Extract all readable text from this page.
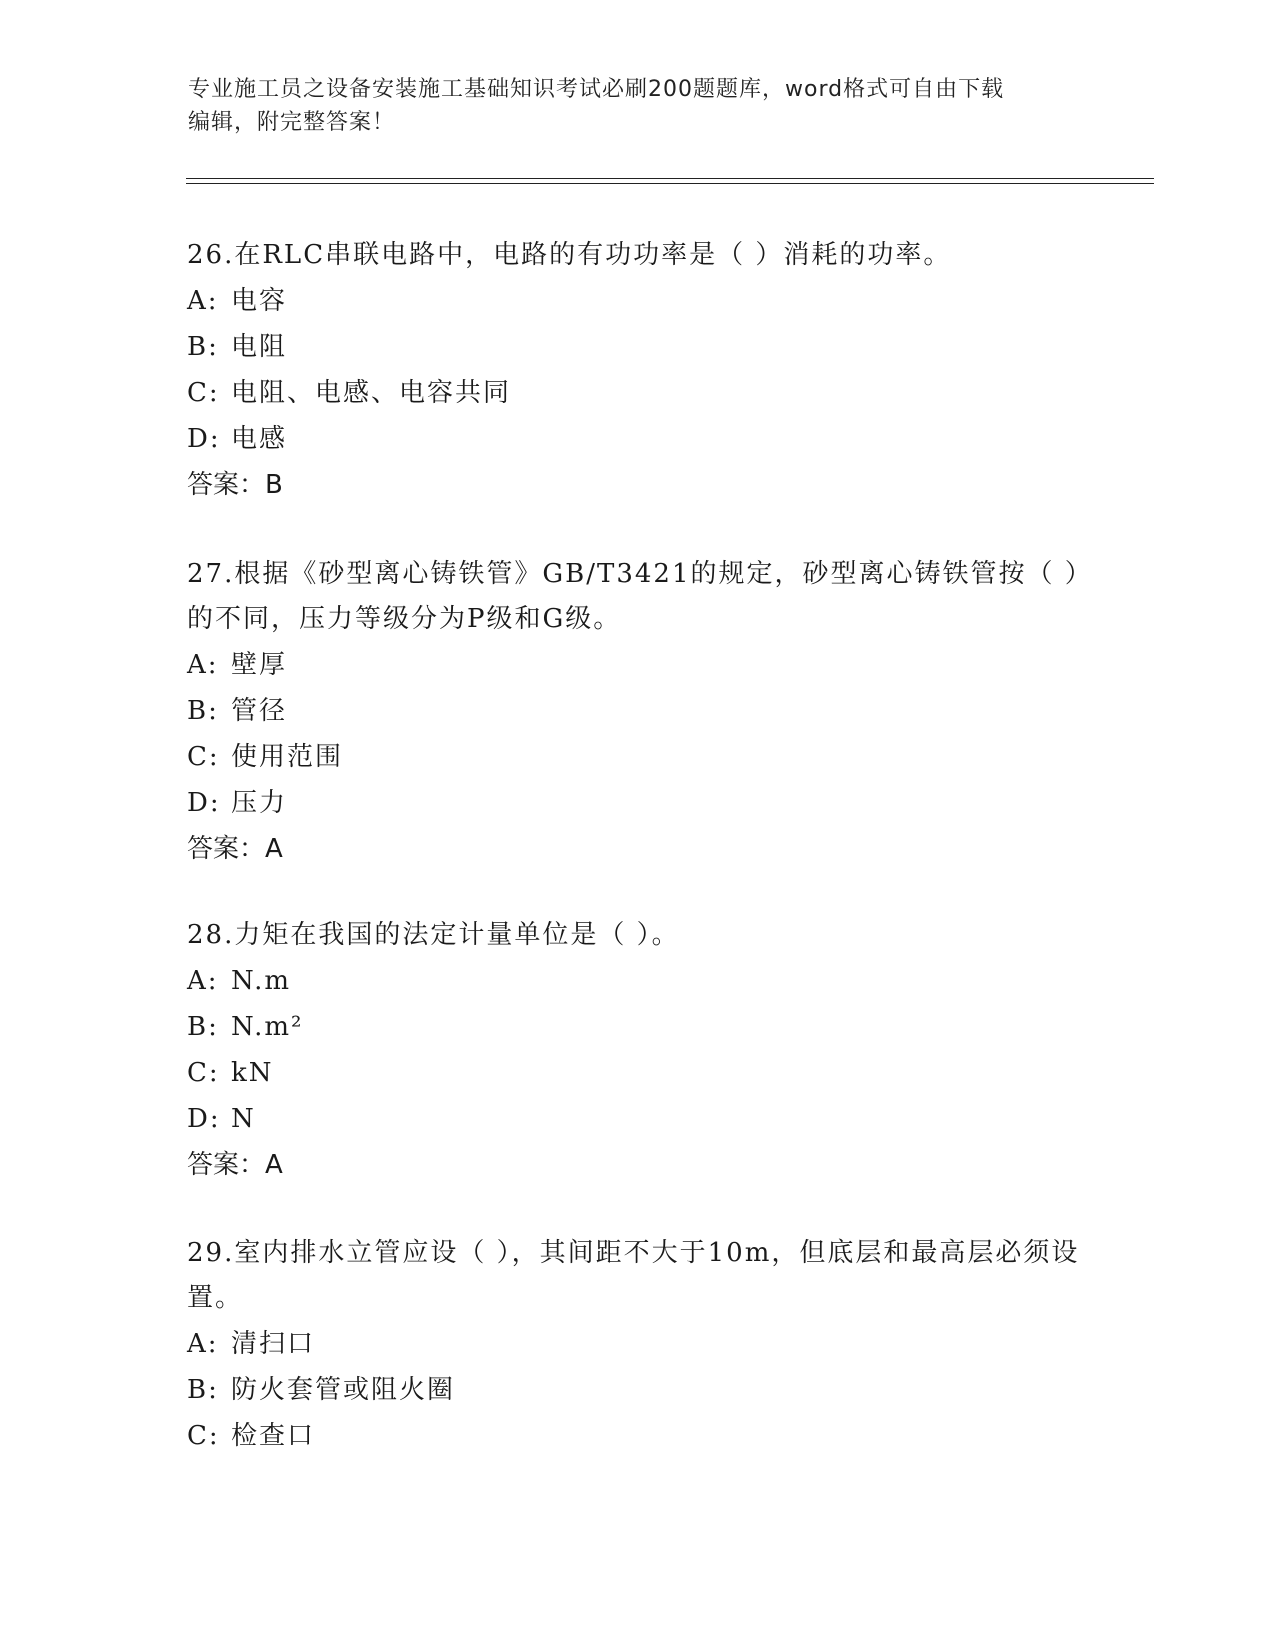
专业施工员之设备安装施工基础知识考试必刷200题题库，word格式可自由下载
编辑，附完整答案！

26.在RLC串联电路中，电路的有功功率是（ ）消耗的功率。

A: 电容

B: 电阻

C: 电阻、电感、电容共同

D: 电感

答案：B

27.根据《砂型离心铸铁管》GB/T3421的规定，砂型离心铸铁管按（ ）的不同，压力等级分为P级和G级。

A: 壁厚

B: 管径

C: 使用范围

D: 压力

答案：A

28.力矩在我国的法定计量单位是（ ）。

A: N.m

B: N.m²

C: kN

D: N

答案：A

29.室内排水立管应设（ ），其间距不大于10m，但底层和最高层必须设置。

A: 清扫口

B: 防火套管或阻火圈

C: 检查口
